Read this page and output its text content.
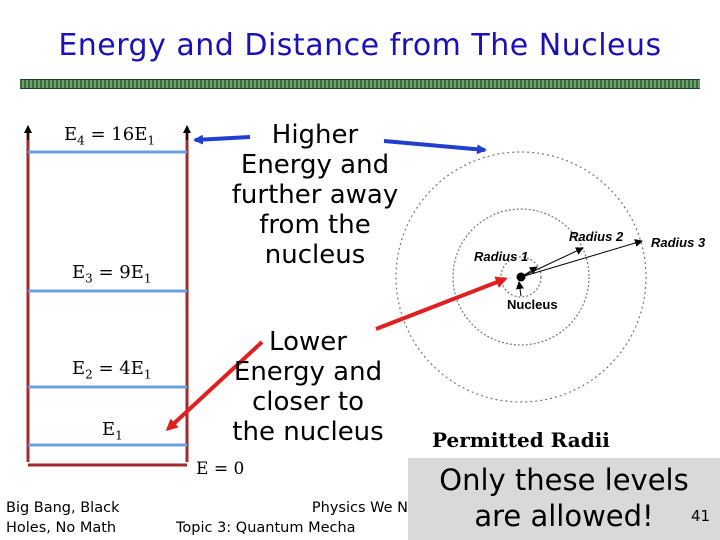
Energy and Distance from The Nucleus
$E_4 = 16E_1$
$E_3 = 9E_1$
$E_2 = 4E_1$
$E_1$
E = 0
Higher
Energy and
further away
from the
nucleus
Lower
Energy and
closer to
the nucleus
Radius 1
Radius 2 Radius 3
Nucleus
Permitted Radii
Only these levels
are allowed!
Big Bang, Black
Holes, No Math
Physics We N
Topic 3: Quantum Mecha
41
